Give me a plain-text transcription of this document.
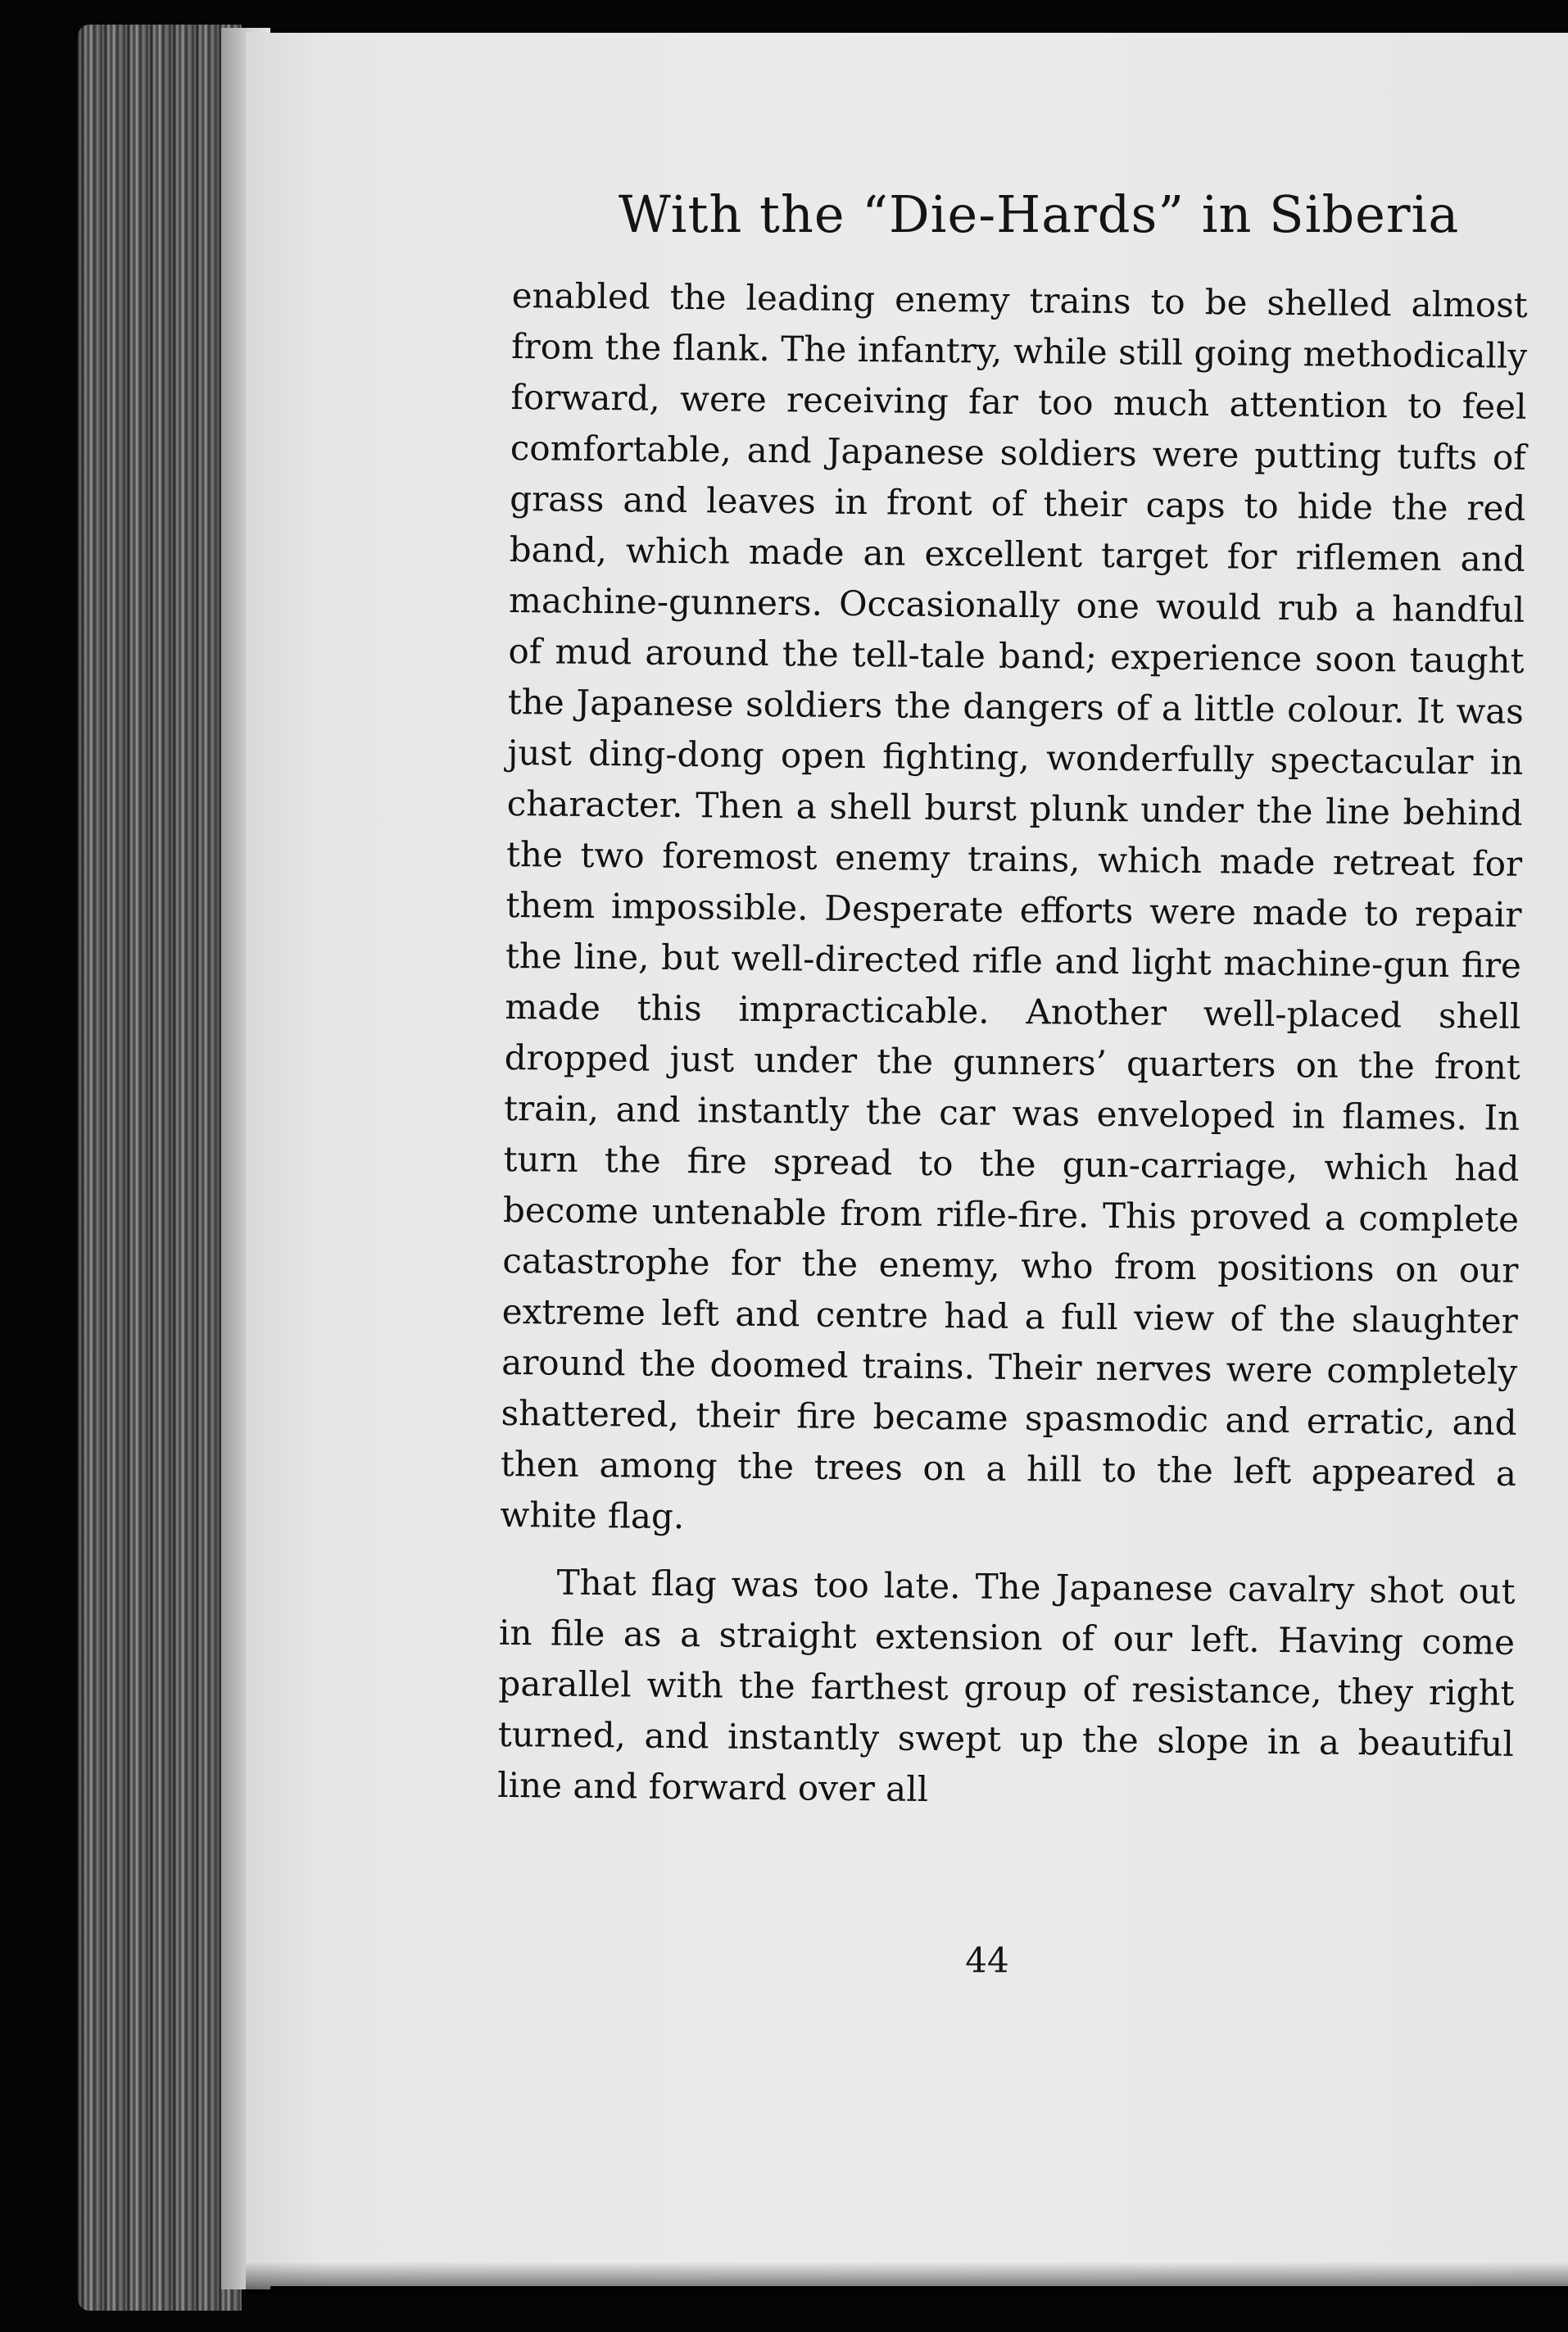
With the “Die-Hards” in Siberia

enabled the leading enemy trains to be shelled almost from the flank. The infantry, while still going methodically forward, were receiving far too much attention to feel comfortable, and Japanese soldiers were putting tufts of grass and leaves in front of their caps to hide the red band, which made an excellent target for riflemen and machine-gunners. Occasionally one would rub a handful of mud around the tell-tale band; experience soon taught the Japanese soldiers the dangers of a little colour. It was just ding-dong open fighting, wonderfully spectacular in character. Then a shell burst plunk under the line behind the two foremost enemy trains, which made retreat for them impossible. Desperate efforts were made to repair the line, but well-directed rifle and light machine-gun fire made this impracticable. Another well-placed shell dropped just under the gunners’ quarters on the front train, and instantly the car was enveloped in flames. In turn the fire spread to the gun-carriage, which had become untenable from rifle-fire. This proved a complete catastrophe for the enemy, who from positions on our extreme left and centre had a full view of the slaughter around the doomed trains. Their nerves were completely shattered, their fire became spasmodic and erratic, and then among the trees on a hill to the left appeared a white flag.

That flag was too late. The Japanese cavalry shot out in file as a straight extension of our left. Having come parallel with the farthest group of resistance, they right turned, and instantly swept up the slope in a beautiful line and forward over all

44
